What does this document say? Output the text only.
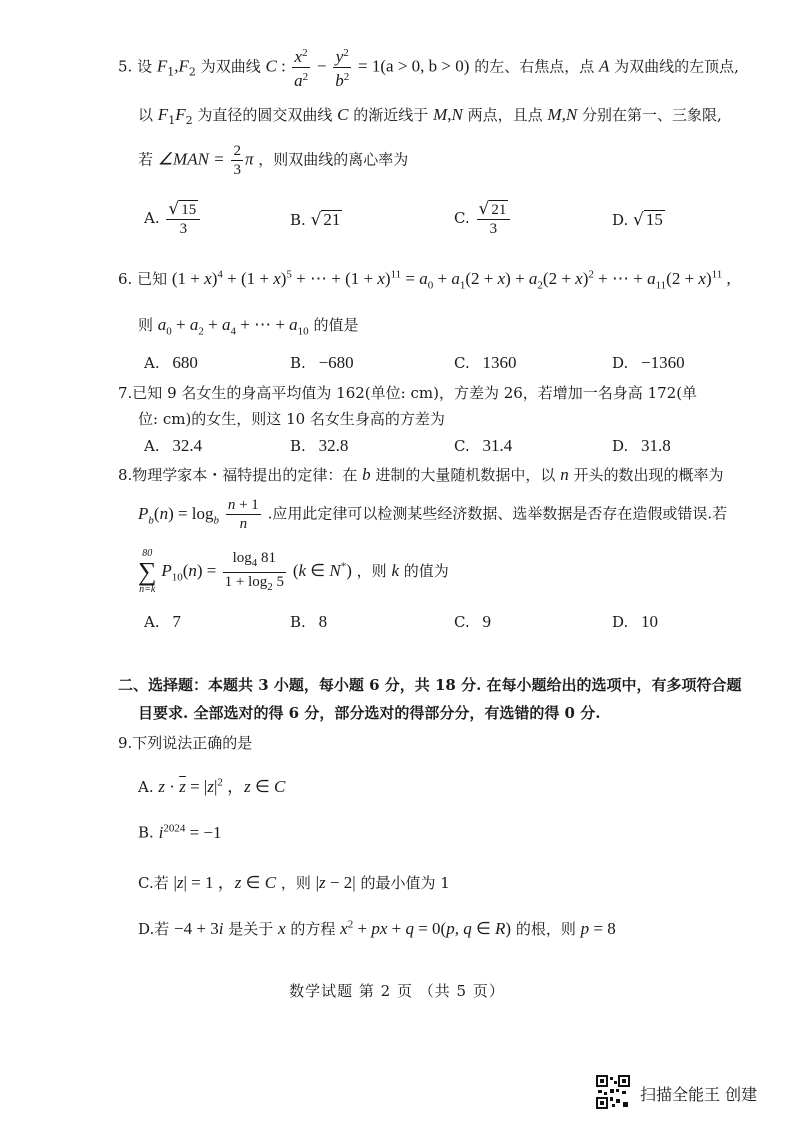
5. 设 $F_1,F_2$ 为双曲线 C : $\frac{x^2}{a^2} - \frac{y^2}{b^2} = 1(a > 0$, b > 0) 的左、右焦点，点 A 为双曲线的左顶点,
以 $F_1F_2$ 为直径的圆交双曲线 C 的渐近线于 M,N 两点，且点 M,N 分别在第一、三象限,
若 ∠MAN = $\frac{2}{3}$ π ，则双曲线的离心率为
A. $\frac{√ 15}{3}$	B. √ 21	C. $\frac{√ 21}{3}$	D. √ 15
6. 已知 $(1 + x)^4 + (1 + x)^5$ + ⋯ + $(1 + x)^{11} = a_0 + a_1(2 + x) + a_2(2 + x)^2$ + ⋯ + $a_{11}(2 + x)^{11}$ ,
则 $a_0 + a_2 + a_4$ + ⋯ + $a_{10}$ 的值是
A. 680	B. −680	C. 1360	D. −1360
7.已知 9 名女生的身高平均值为 162(单位: cm)，方差为 26，若增加一名身高 172(单
位: cm)的女生，则这 10 名女生身高的方差为
A. 32.4	B. 32.8	C. 31.4	D. 31.8
8.物理学家本・福特提出的定律：在 b 进制的大量随机数据中，以 n 开头的数出现的概率为
$P_b(n) = \log_b \frac{n + 1}{n}$ .应用此定律可以检测某些经济数据、选举数据是否存在造假或错误.若
80
∑
n=k
$P_{10}(n) = \frac{\log_4 81}{1 + \log_2 5} (k$ ∈ N*) ，则 k 的值为
A. 7	B. 8	C. 9	D. 10
二、选择题：本题共 3 小题，每小题 6 分，共 18 分. 在每小题给出的选项中，有多项符合题
目要求. 全部选对的得 6 分，部分选对的得部分分，有选错的得 0 分.
9.下列说法正确的是
A. $z \cdot \overline{z} = |z|^2$ ，z ∈ C
B. $i^{2024} = -1$
C.若 |z| = 1 ，z ∈ C ，则 |z − 2| 的最小值为 1
D.若 −4 + 3i 是关于 x 的方程 $x^2$ + px + q = 0(p, q ∈ R) 的根，则 p = 8
数学试题 第 2 页 （共 5 页）
扫描全能王 创建
